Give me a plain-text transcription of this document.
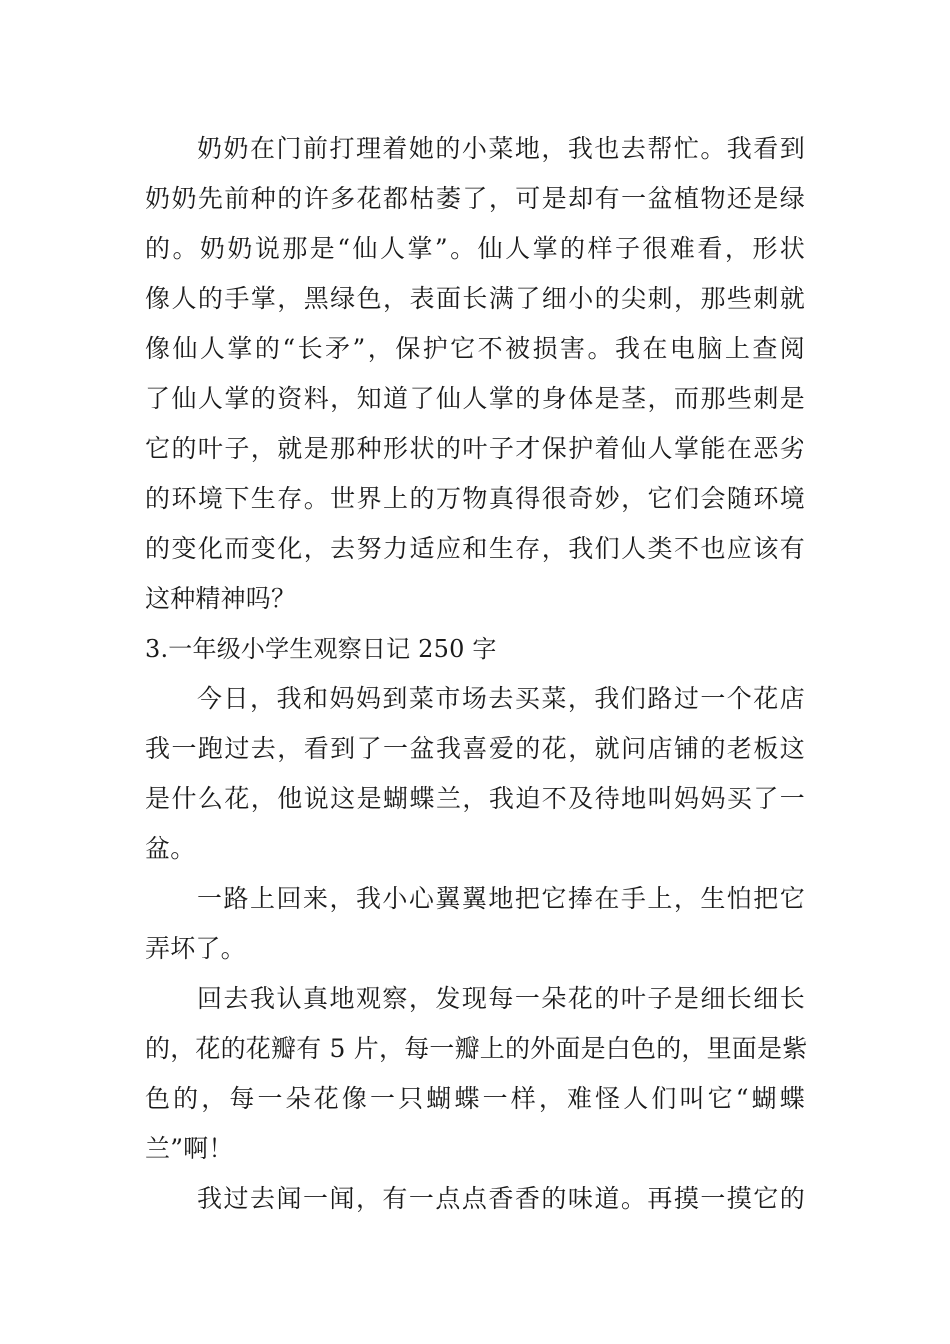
奶奶在门前打理着她的小菜地，我也去帮忙。我看到
奶奶先前种的许多花都枯萎了，可是却有一盆植物还是绿
的。奶奶说那是“仙人掌”。仙人掌的样子很难看，形状
像人的手掌，黑绿色，表面长满了细小的尖刺，那些刺就
像仙人掌的“长矛”，保护它不被损害。我在电脑上查阅
了仙人掌的资料，知道了仙人掌的身体是茎，而那些刺是
它的叶子，就是那种形状的叶子才保护着仙人掌能在恶劣
的环境下生存。世界上的万物真得很奇妙，它们会随环境
的变化而变化，去努力适应和生存，我们人类不也应该有
这种精神吗？
3.一年级小学生观察日记 250 字
今日，我和妈妈到菜市场去买菜，我们路过一个花店
我一跑过去，看到了一盆我喜爱的花，就问店铺的老板这
是什么花，他说这是蝴蝶兰，我迫不及待地叫妈妈买了一
盆。
一路上回来，我小心翼翼地把它捧在手上，生怕把它
弄坏了。
回去我认真地观察，发现每一朵花的叶子是细长细长
的，花的花瓣有 5 片，每一瓣上的外面是白色的，里面是紫
色的，每一朵花像一只蝴蝶一样，难怪人们叫它“蝴蝶
兰”啊！
我过去闻一闻，有一点点香香的味道。再摸一摸它的
